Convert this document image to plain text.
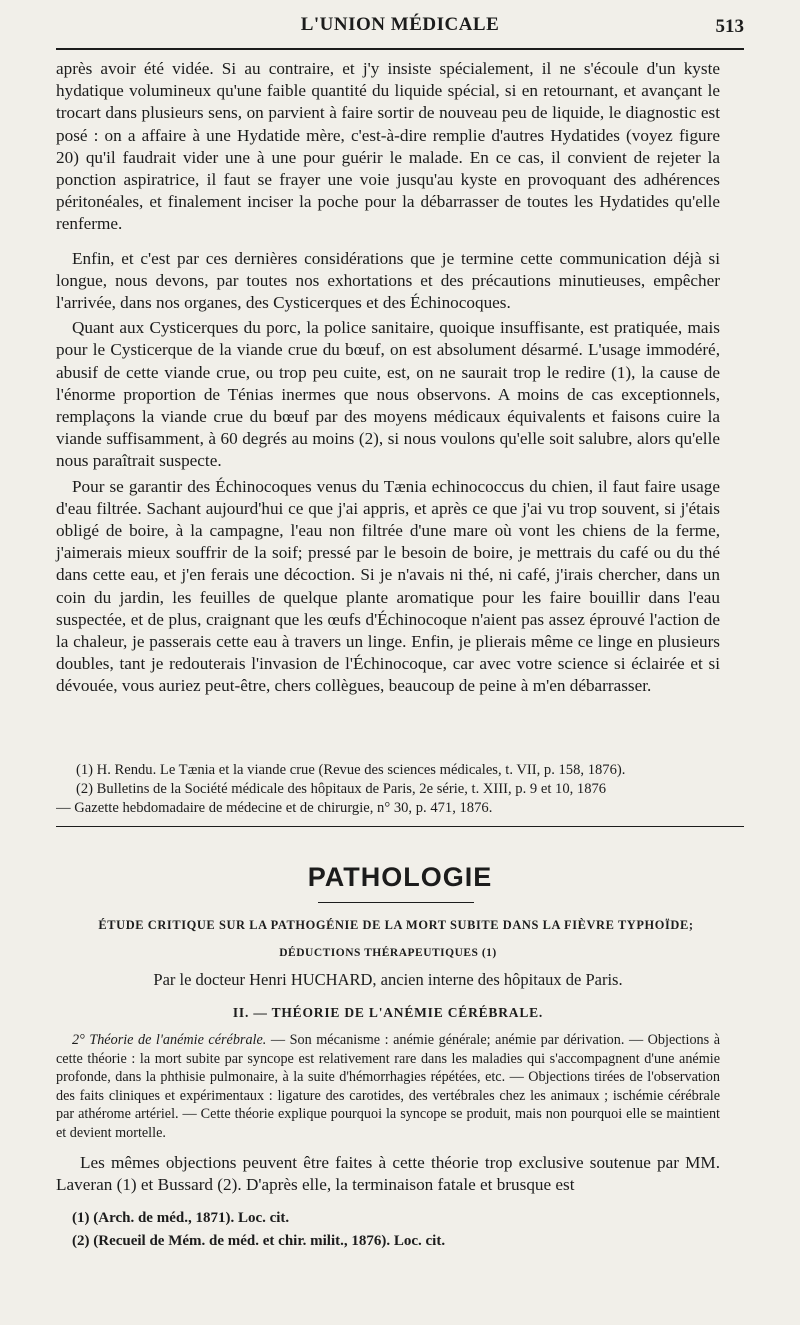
L'UNION MÉDICALE	513

après avoir été vidée. Si au contraire, et j'y insiste spécialement, il ne s'écoule d'un kyste hydatique volumineux qu'une faible quantité du liquide spécial, si en retournant, et avançant le trocart dans plusieurs sens, on parvient à faire sortir de nouveau peu de liquide, le diagnostic est posé : on a affaire à une Hydatide mère, c'est-à-dire remplie d'autres Hydatides (voyez figure 20) qu'il faudrait vider une à une pour guérir le malade. En ce cas, il convient de rejeter la ponction aspiratrice, il faut se frayer une voie jusqu'au kyste en provoquant des adhérences péritonéales, et finalement inciser la poche pour la débarrasser de toutes les Hydatides qu'elle renferme.

Enfin, et c'est par ces dernières considérations que je termine cette communication déjà si longue, nous devons, par toutes nos exhortations et des précautions minutieuses, empêcher l'arrivée, dans nos organes, des Cysticerques et des Échinocoques.

Quant aux Cysticerques du porc, la police sanitaire, quoique insuffisante, est pratiquée, mais pour le Cysticerque de la viande crue du bœuf, on est absolument désarmé. L'usage immodéré, abusif de cette viande crue, ou trop peu cuite, est, on ne saurait trop le redire (1), la cause de l'énorme proportion de Ténias inermes que nous observons. A moins de cas exceptionnels, remplaçons la viande crue du bœuf par des moyens médicaux équivalents et faisons cuire la viande suffisamment, à 60 degrés au moins (2), si nous voulons qu'elle soit salubre, alors qu'elle nous paraîtrait suspecte.

Pour se garantir des Échinocoques venus du Tænia echinococcus du chien, il faut faire usage d'eau filtrée. Sachant aujourd'hui ce que j'ai appris, et après ce que j'ai vu trop souvent, si j'étais obligé de boire, à la campagne, l'eau non filtrée d'une mare où vont les chiens de la ferme, j'aimerais mieux souffrir de la soif; pressé par le besoin de boire, je mettrais du café ou du thé dans cette eau, et j'en ferais une décoction. Si je n'avais ni thé, ni café, j'irais chercher, dans un coin du jardin, les feuilles de quelque plante aromatique pour les faire bouillir dans l'eau suspectée, et de plus, craignant que les œufs d'Échinocoque n'aient pas assez éprouvé l'action de la chaleur, je passerais cette eau à travers un linge. Enfin, je plierais même ce linge en plusieurs doubles, tant je redouterais l'invasion de l'Échinocoque, car avec votre science si éclairée et si dévouée, vous auriez peut-être, chers collègues, beaucoup de peine à m'en débarrasser.

(1) H. Rendu. Le Tænia et la viande crue (Revue des sciences médicales, t. VII, p. 158, 1876).
(2) Bulletins de la Société médicale des hôpitaux de Paris, 2e série, t. XIII, p. 9 et 10, 1876
— Gazette hebdomadaire de médecine et de chirurgie, n° 30, p. 471, 1876.
PATHOLOGIE
ÉTUDE CRITIQUE SUR LA PATHOGÉNIE DE LA MORT SUBITE DANS LA FIÈVRE TYPHOÏDE;
DÉDUCTIONS THÉRAPEUTIQUES (1)
Par le docteur Henri HUCHARD, ancien interne des hôpitaux de Paris.
II. — THÉORIE DE L'ANÉMIE CÉRÉBRALE.

2° Théorie de l'anémie cérébrale. — Son mécanisme : anémie générale; anémie par dérivation. — Objections à cette théorie : la mort subite par syncope est relativement rare dans les maladies qui s'accompagnent d'une anémie profonde, dans la phthisie pulmonaire, à la suite d'hémorrhagies répétées, etc. — Objections tirées de l'observation des faits cliniques et expérimentaux : ligature des carotides, des vertébrales chez les animaux ; ischémie cérébrale par athérome artériel. — Cette théorie explique pourquoi la syncope se produit, mais non pourquoi elle se maintient et devient mortelle.

Les mêmes objections peuvent être faites à cette théorie trop exclusive soutenue par MM. Laveran (1) et Bussard (2). D'après elle, la terminaison fatale et brusque est

(1) (Arch. de méd., 1871). Loc. cit.
(2) (Recueil de Mém. de méd. et chir. milit., 1876). Loc. cit.
